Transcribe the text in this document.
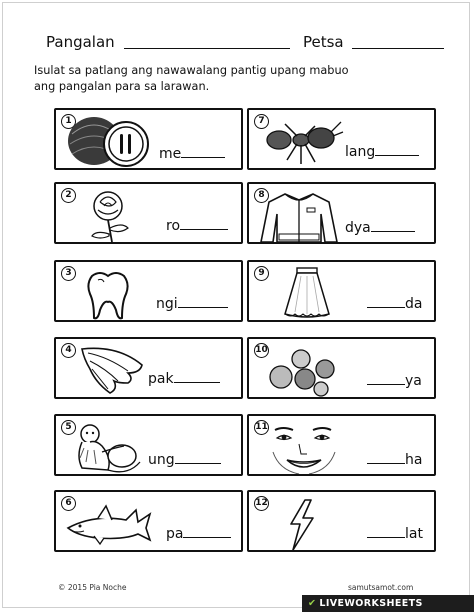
Pangalan	Petsa
Isulat sa patlang ang nawawalang pantig upang mabuo
ang pangalan para sa larawan.
1
me
2
ro
3
ngi
4
pak
5
ung
6
pa
7
lang
8
dya
9
da
10
ya
11
ha
12
lat
© 2015 Pia Noche	samutsamot.com
✔ LIVEWORKSHEETS
